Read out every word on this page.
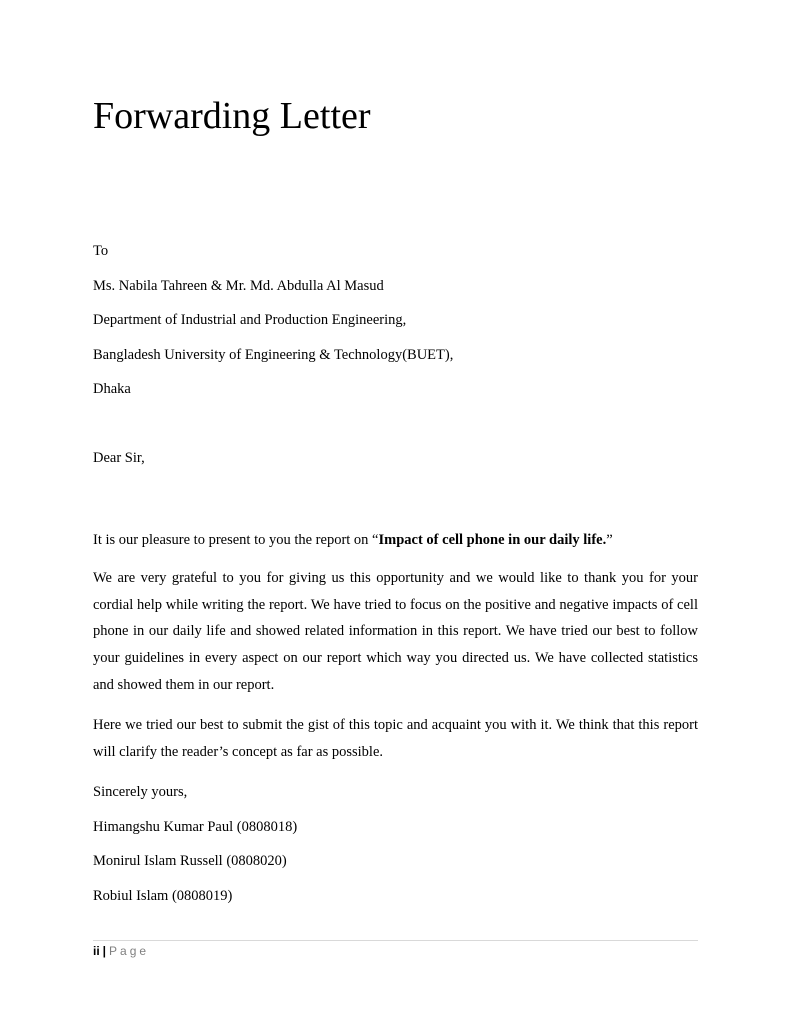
Forwarding Letter
To
Ms. Nabila Tahreen & Mr. Md. Abdulla Al Masud
Department of Industrial and Production Engineering,
Bangladesh University of Engineering & Technology(BUET),
Dhaka
Dear Sir,
It is our pleasure to present to you the report on “Impact of cell phone in our daily life.”
We are very grateful to you for giving us this opportunity and we would like to thank you for your cordial help while writing the report. We have tried to focus on the positive and negative impacts of cell phone in our daily life and showed related information in this report. We have tried our best to follow your guidelines in every aspect on our report which way you directed us. We have collected statistics and showed them in our report.
Here we tried our best to submit the gist of this topic and acquaint you with it. We think that this report will clarify the reader’s concept as far as possible.
Sincerely yours,
Himangshu Kumar Paul (0808018)
Monirul Islam Russell (0808020)
Robiul Islam (0808019)
ii | Page
